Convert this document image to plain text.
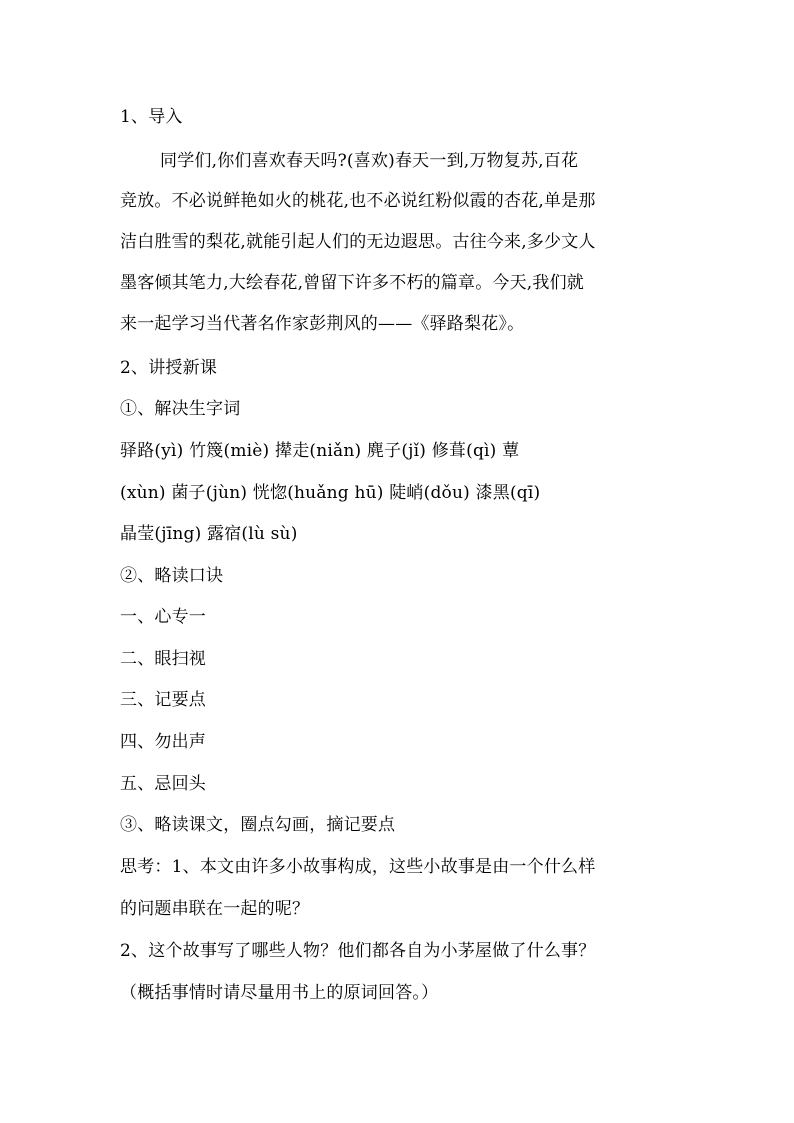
1、导入
同学们,你们喜欢春天吗?(喜欢)春天一到,万物复苏,百花
竞放。不必说鲜艳如火的桃花,也不必说红粉似霞的杏花,单是那
洁白胜雪的梨花,就能引起人们的无边遐思。古往今来,多少文人
墨客倾其笔力,大绘春花,曾留下许多不朽的篇章。今天,我们就
来一起学习当代著名作家彭荆风的——《驿路梨花》。
2、讲授新课
①、解决生字词
驿路(yì) 竹篾(miè) 撵走(niǎn) 麂子(jǐ) 修葺(qì) 蕈
(xùn) 菌子(jùn) 恍惚(huǎng hū) 陡峭(dǒu) 漆黑(qī)
晶莹(jīng) 露宿(lù sù)
②、略读口诀
一、心专一
二、眼扫视
三、记要点
四、勿出声
五、忌回头
③、略读课文，圈点勾画，摘记要点
思考：1、本文由许多小故事构成，这些小故事是由一个什么样
的问题串联在一起的呢？
2、这个故事写了哪些人物？他们都各自为小茅屋做了什么事？
（概括事情时请尽量用书上的原词回答。）
